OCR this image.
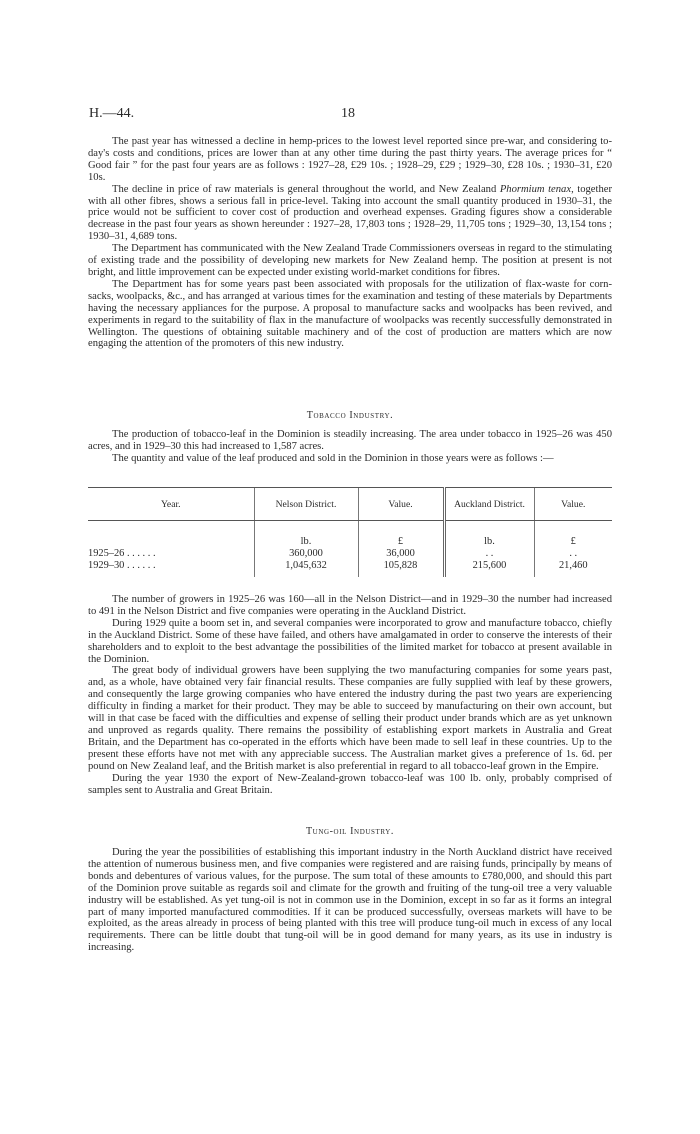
H.—44.	18

The past year has witnessed a decline in hemp-prices to the lowest level reported since pre-war, and considering to-day's costs and conditions, prices are lower than at any other time during the past thirty years. The average prices for “ Good fair ” for the past four years are as follows : 1927–28, £29 10s. ; 1928–29, £29 ; 1929–30, £28 10s. ; 1930–31, £20 10s.

The decline in price of raw materials is general throughout the world, and New Zealand Phormium tenax, together with all other fibres, shows a serious fall in price-level. Taking into account the small quantity produced in 1930–31, the price would not be sufficient to cover cost of production and overhead expenses. Grading figures show a considerable decrease in the past four years as shown hereunder : 1927–28, 17,803 tons ; 1928–29, 11,705 tons ; 1929–30, 13,154 tons ; 1930–31, 4,689 tons.

The Department has communicated with the New Zealand Trade Commissioners overseas in regard to the stimulating of existing trade and the possibility of developing new markets for New Zealand hemp. The position at present is not bright, and little improvement can be expected under existing world-market conditions for fibres.

The Department has for some years past been associated with proposals for the utilization of flax-waste for corn-sacks, woolpacks, &c., and has arranged at various times for the examination and testing of these materials by Departments having the necessary appliances for the purpose. A proposal to manufacture sacks and woolpacks has been revived, and experiments in regard to the suitability of flax in the manufacture of woolpacks was recently successfully demonstrated in Wellington. The questions of obtaining suitable machinery and of the cost of production are matters which are now engaging the attention of the promoters of this new industry.

Tobacco Industry.

The production of tobacco-leaf in the Dominion is steadily increasing. The area under tobacco in 1925–26 was 450 acres, and in 1929–30 this had increased to 1,587 acres.

The quantity and value of the leaf produced and sold in the Dominion in those years were as follows :—

Year.	Nelson District.	Value.	Auckland District.	Value.
	lb.	£	lb.	£
1925–26 . . . . . .	360,000	36,000	. .	. .
1929–30 . . . . . .	1,045,632	105,828	215,600	21,460

The number of growers in 1925–26 was 160—all in the Nelson District—and in 1929–30 the number had increased to 491 in the Nelson District and five companies were operating in the Auckland District.

During 1929 quite a boom set in, and several companies were incorporated to grow and manufacture tobacco, chiefly in the Auckland District. Some of these have failed, and others have amalgamated in order to conserve the interests of their shareholders and to exploit to the best advantage the possibilities of the limited market for tobacco at present available in the Dominion.

The great body of individual growers have been supplying the two manufacturing companies for some years past, and, as a whole, have obtained very fair financial results. These companies are fully supplied with leaf by these growers, and consequently the large growing companies who have entered the industry during the past two years are experiencing difficulty in finding a market for their product. They may be able to succeed by manufacturing on their own account, but will in that case be faced with the difficulties and expense of selling their product under brands which are as yet unknown and unproved as regards quality. There remains the possibility of establishing export markets in Australia and Great Britain, and the Department has co-operated in the efforts which have been made to sell leaf in these countries. Up to the present these efforts have not met with any appreciable success. The Australian market gives a preference of 1s. 6d. per pound on New Zealand leaf, and the British market is also preferential in regard to all tobacco-leaf grown in the Empire.

During the year 1930 the export of New-Zealand-grown tobacco-leaf was 100 lb. only, probably comprised of samples sent to Australia and Great Britain.

Tung-oil Industry.

During the year the possibilities of establishing this important industry in the North Auckland district have received the attention of numerous business men, and five companies were registered and are raising funds, principally by means of bonds and debentures of various values, for the purpose. The sum total of these amounts to £780,000, and should this part of the Dominion prove suitable as regards soil and climate for the growth and fruiting of the tung-oil tree a very valuable industry will be established. As yet tung-oil is not in common use in the Dominion, except in so far as it forms an integral part of many imported manufactured commodities. If it can be produced successfully, overseas markets will have to be exploited, as the areas already in process of being planted with this tree will produce tung-oil much in excess of any local requirements. There can be little doubt that tung-oil will be in good demand for many years, as its use in industry is increasing.
